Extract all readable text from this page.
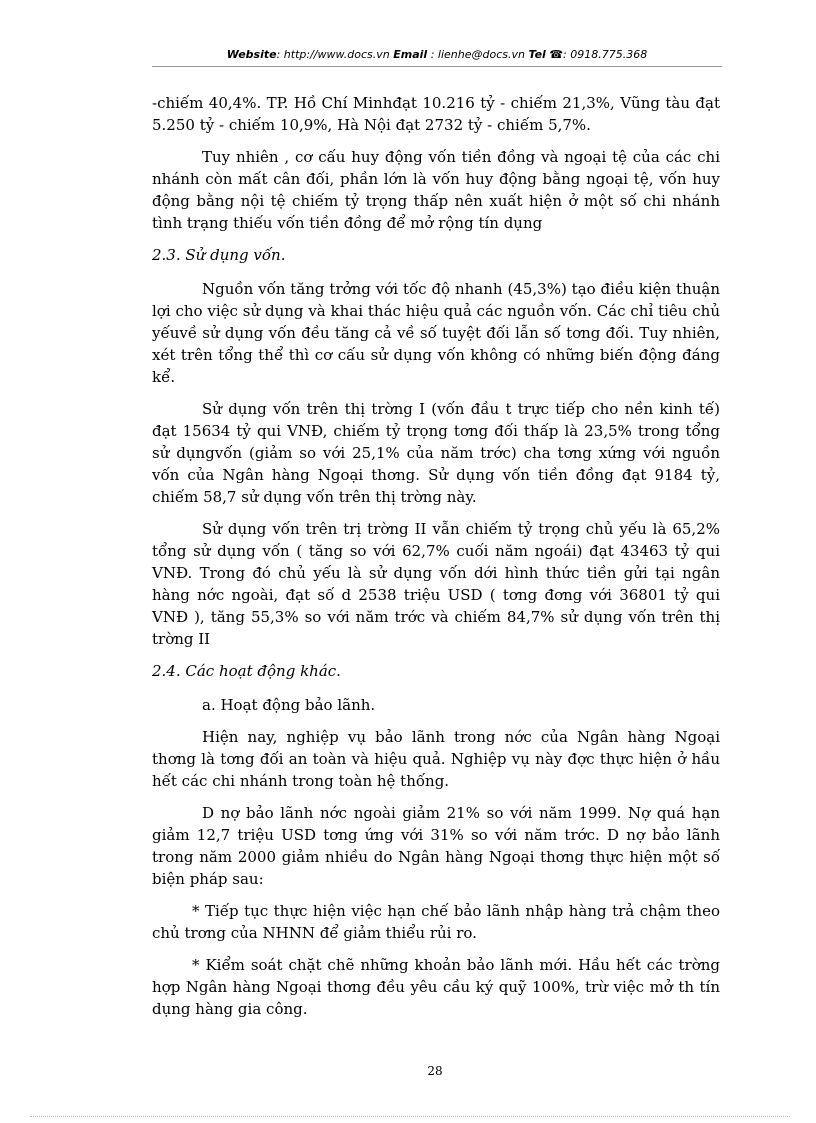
Website: http://www.docs.vn Email : lienhe@docs.vn Tel ☎: 0918.775.368

-chiếm 40,4%. TP. Hồ Chí Minhđạt 10.216 tỷ - chiếm 21,3%, Vũng tàu đạt 5.250 tỷ - chiếm 10,9%, Hà Nội đạt 2732 tỷ - chiếm 5,7%.

Tuy nhiên , cơ cấu huy động vốn tiền đồng và ngoại tệ của các chi nhánh còn mất cân đối, phần lớn là vốn huy động bằng ngoại tệ, vốn huy động bằng nội tệ chiếm tỷ trọng thấp nên xuất hiện ở một số chi nhánh tình trạng thiếu vốn tiền đồng để mở rộng tín dụng

2.3. Sử dụng vốn.

Nguồn vốn tăng trởng với tốc độ nhanh (45,3%) tạo điều kiện thuận lợi cho việc sử dụng và khai thác hiệu quả các nguồn vốn. Các chỉ tiêu chủ yếuvề sử dụng vốn đều tăng cả về số tuyệt đối lẫn số tơng đối. Tuy nhiên, xét trên tổng thể thì cơ cấu sử dụng vốn không có những biến động đáng kể.

Sử dụng vốn trên thị trờng I (vốn đầu t trực tiếp cho nền kinh tế) đạt 15634 tỷ qui VNĐ, chiếm tỷ trọng tơng đối thấp là 23,5% trong tổng sử dụngvốn (giảm so với 25,1% của năm trớc) cha tơng xứng với nguồn vốn của Ngân hàng Ngoại thơng. Sử dụng vốn tiền đồng đạt 9184 tỷ, chiếm 58,7 sử dụng vốn trên thị trờng này.

Sử dụng vốn trên trị trờng II vẫn chiếm tỷ trọng chủ yếu là 65,2% tổng sử dụng vốn ( tăng so với 62,7% cuối năm ngoái) đạt 43463 tỷ qui VNĐ. Trong đó chủ yếu là sử dụng vốn dới hình thức tiền gửi tại ngân hàng nớc ngoài, đạt số d 2538 triệu USD ( tơng đơng với 36801 tỷ qui VNĐ ), tăng 55,3% so với năm trớc và chiếm 84,7% sử dụng vốn trên thị trờng II

2.4. Các hoạt động khác.

a. Hoạt động bảo lãnh.

Hiện nay, nghiệp vụ bảo lãnh trong nớc của Ngân hàng Ngoại thơng là tơng đối an toàn và hiệu quả. Nghiệp vụ này đợc thực hiện ở hầu hết các chi nhánh trong toàn hệ thống.

D nợ bảo lãnh nớc ngoài giảm 21% so với năm 1999. Nợ quá hạn giảm 12,7 triệu USD tơng ứng với 31% so với năm trớc. D nợ bảo lãnh trong năm 2000 giảm nhiều do Ngân hàng Ngoại thơng thực hiện một số biện pháp sau:

* Tiếp tục thực hiện việc hạn chế bảo lãnh nhập hàng trả chậm theo chủ trơng của NHNN để giảm thiểu rủi ro.

* Kiểm soát chặt chẽ những khoản bảo lãnh mới. Hầu hết các trờng hợp Ngân hàng Ngoại thơng đều yêu cầu ký quỹ 100%, trừ việc mở th tín dụng hàng gia công.

28
